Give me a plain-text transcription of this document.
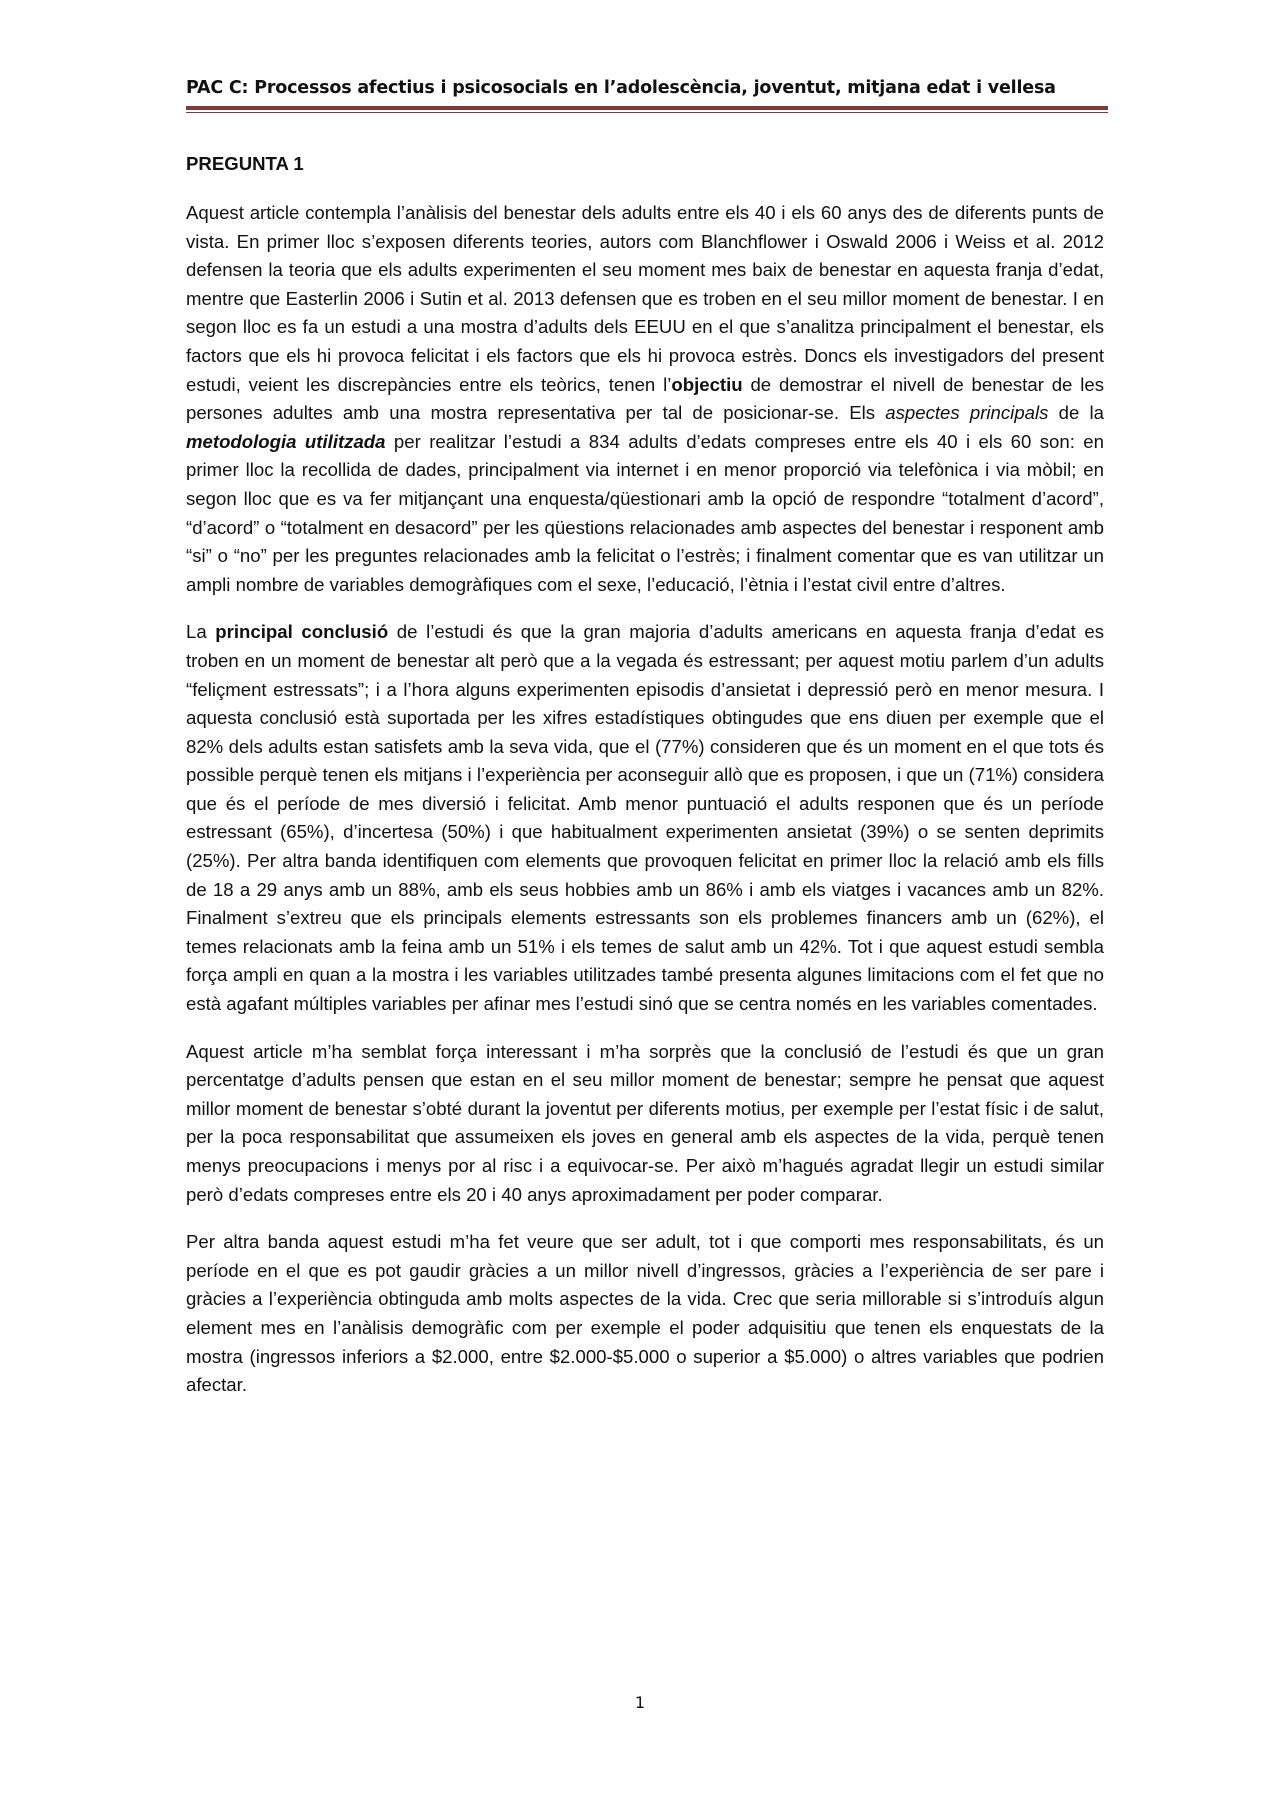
PAC C: Processos afectius i psicosocials en l’adolescència, joventut, mitjana edat i vellesa
PREGUNTA 1

Aquest article contempla l’anàlisis del benestar dels adults entre els 40 i els 60 anys des de diferents punts de vista. En primer lloc s’exposen diferents teories, autors com Blanchflower i Oswald 2006 i Weiss et al. 2012 defensen la teoria que els adults experimenten el seu moment mes baix de benestar en aquesta franja d’edat, mentre que Easterlin 2006 i Sutin et al. 2013 defensen que es troben en el seu millor moment de benestar. I en segon lloc es fa un estudi a una mostra d’adults dels EEUU en el que s’analitza principalment el benestar, els factors que els hi provoca felicitat i els factors que els hi provoca estrès. Doncs els investigadors del present estudi, veient les discrepàncies entre els teòrics, tenen l’objectiu de demostrar el nivell de benestar de les persones adultes amb una mostra representativa per tal de posicionar-se. Els aspectes principals de la metodologia utilitzada per realitzar l’estudi a 834 adults d’edats compreses entre els 40 i els 60 son: en primer lloc la recollida de dades, principalment via internet i en menor proporció via telefònica i via mòbil; en segon lloc que es va fer mitjançant una enquesta/qüestionari amb la opció de respondre “totalment d’acord”, “d’acord” o “totalment en desacord” per les qüestions relacionades amb aspectes del benestar i responent amb “si” o “no” per les preguntes relacionades amb la felicitat o l’estrès; i finalment comentar que es van utilitzar un ampli nombre de variables demogràfiques com el sexe, l’educació, l’ètnia i l’estat civil entre d’altres.

La principal conclusió de l’estudi és que la gran majoria d’adults americans en aquesta franja d’edat es troben en un moment de benestar alt però que a la vegada és estressant; per aquest motiu parlem d’un adults “feliçment estressats”; i a l’hora alguns experimenten episodis d’ansietat i depressió però en menor mesura. I aquesta conclusió està suportada per les xifres estadístiques obtingudes que ens diuen per exemple que el 82% dels adults estan satisfets amb la seva vida, que el (77%) consideren que és un moment en el que tots és possible perquè tenen els mitjans i l’experiència per aconseguir allò que es proposen, i que un (71%) considera que és el període de mes diversió i felicitat. Amb menor puntuació el adults responen que és un període estressant (65%), d’incertesa (50%) i que habitualment experimenten ansietat (39%) o se senten deprimits (25%). Per altra banda identifiquen com elements que provoquen felicitat en primer lloc la relació amb els fills de 18 a 29 anys amb un 88%, amb els seus hobbies amb un 86% i amb els viatges i vacances amb un 82%. Finalment s’extreu que els principals elements estressants son els problemes financers amb un (62%), el temes relacionats amb la feina amb un 51% i els temes de salut amb un 42%. Tot i que aquest estudi sembla força ampli en quan a la mostra i les variables utilitzades també presenta algunes limitacions com el fet que no està agafant múltiples variables per afinar mes l’estudi sinó que se centra només en les variables comentades.

Aquest article m’ha semblat força interessant i m’ha sorprès que la conclusió de l’estudi és que un gran percentatge d’adults pensen que estan en el seu millor moment de benestar; sempre he pensat que aquest millor moment de benestar s’obté durant la joventut per diferents motius, per exemple per l’estat físic i de salut, per la poca responsabilitat que assumeixen els joves en general amb els aspectes de la vida, perquè tenen menys preocupacions i menys por al risc i a equivocar-se. Per això m’hagués agradat llegir un estudi similar però d’edats compreses entre els 20 i 40 anys aproximadament per poder comparar.

Per altra banda aquest estudi m’ha fet veure que ser adult, tot i que comporti mes responsabilitats, és un període en el que es pot gaudir gràcies a un millor nivell d’ingressos, gràcies a l’experiència de ser pare i gràcies a l’experiència obtinguda amb molts aspectes de la vida. Crec que seria millorable si s’introduís algun element mes en l’anàlisis demogràfic com per exemple el poder adquisitiu que tenen els enquestats de la mostra (ingressos inferiors a $2.000, entre $2.000-$5.000 o superior a $5.000) o altres variables que podrien afectar.

1
